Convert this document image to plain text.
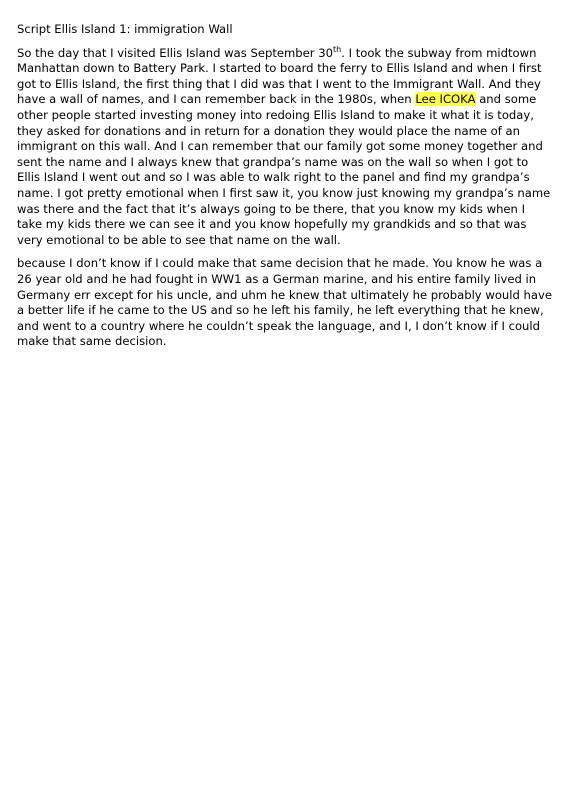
Script Ellis Island 1: immigration Wall

So the day that I visited Ellis Island was September 30th. I took the subway from midtown Manhattan down to Battery Park. I started to board the ferry to Ellis Island and when I first got to Ellis Island, the first thing that I did was that I went to the Immigrant Wall. And they have a wall of names, and I can remember back in the 1980s, when Lee ICOKA and some other people started investing money into redoing Ellis Island to make it what it is today, they asked for donations and in return for a donation they would place the name of an immigrant on this wall. And I can remember that our family got some money together and sent the name and I always knew that grandpa’s name was on the wall so when I got to Ellis Island I went out and so I was able to walk right to the panel and find my grandpa’s name. I got pretty emotional when I first saw it, you know just knowing my grandpa’s name was there and the fact that it’s always going to be there, that you know my kids when I take my kids there we can see it and you know hopefully my grandkids and so that was very emotional to be able to see that name on the wall.

because I don’t know if I could make that same decision that he made. You know he was a 26 year old and he had fought in WW1 as a German marine, and his entire family lived in Germany err except for his uncle, and uhm he knew that ultimately he probably would have a better life if he came to the US and so he left his family, he left everything that he knew, and went to a country where he couldn’t speak the language, and I, I don’t know if I could make that same decision.
